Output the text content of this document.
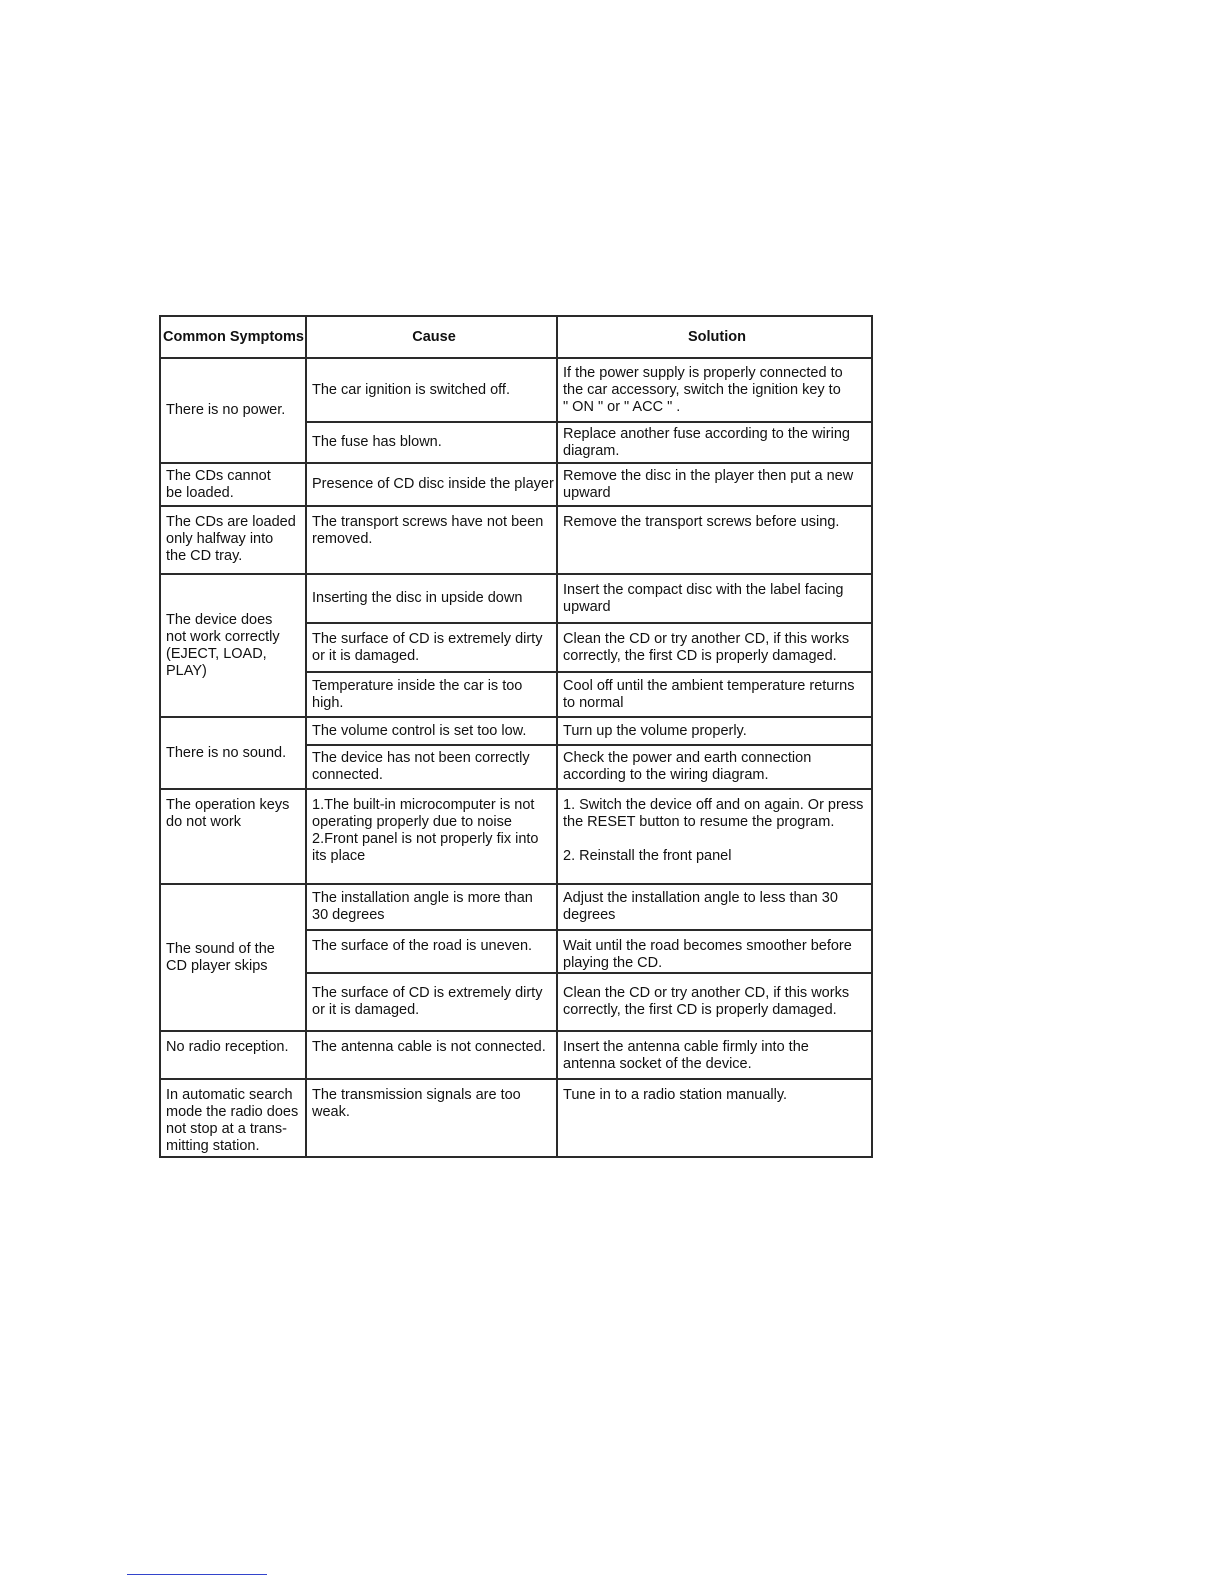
Common Symptoms	Cause	Solution
There is no power.	The car ignition is switched off.	If the power supply is properly connected to
the car accessory, switch the ignition key to
" ON " or " ACC " .
	The fuse has blown.	Replace another fuse according to the wiring
diagram.
The CDs cannot
be loaded.	Presence of CD disc inside the player	Remove the disc in the player then put a new
upward
The CDs are loaded
only halfway into
the CD tray.	The transport screws have not been
removed.	Remove the transport screws before using.
The device does
not work correctly
(EJECT, LOAD,
PLAY)	Inserting the disc in upside down	Insert the compact disc with the label facing
upward
	The surface of CD is extremely dirty
or it is damaged.	Clean the CD or try another CD, if this works
correctly, the first CD is properly damaged.
	Temperature inside the car is too
high.	Cool off until the ambient temperature returns
to normal
There is no sound.	The volume control is set too low.	Turn up the volume properly.
	The device has not been correctly
connected.	Check the power and earth connection
according to the wiring diagram.
The operation keys
do not work	1.The built-in microcomputer is not
operating properly due to noise
2.Front panel is not properly fix into
its place	1. Switch the device off and on again. Or press
the RESET button to resume the program.

2. Reinstall the front panel
The sound of the
CD player skips	The installation angle is more than
30 degrees	Adjust the installation angle to less than 30
degrees
	The surface of the road is uneven.	Wait until the road becomes smoother before
playing the CD.
	The surface of CD is extremely dirty
or it is damaged.	Clean the CD or try another CD, if this works
correctly, the first CD is properly damaged.
No radio reception.	The antenna cable is not connected.	Insert the antenna cable firmly into the
antenna socket of the device.
In automatic search
mode the radio does
not stop at a trans-
mitting station.	The transmission signals are too
weak.	Tune in to a radio station manually.
